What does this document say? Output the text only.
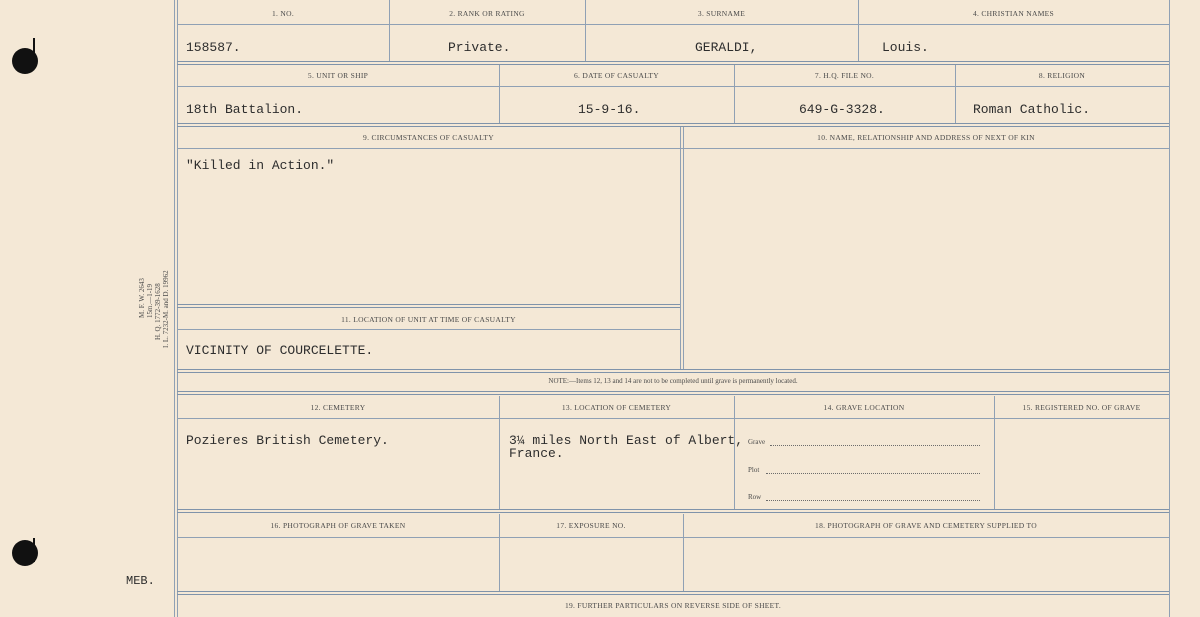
M. F. W. 2643 15m.—1-19 H. Q. 1772-39-1628 I. L. 7232-M. and D. 19962
MEB.
1. NO.	2. RANK OR RATING	3. SURNAME	4. CHRISTIAN NAMES
158587.	Private.	GERALDI,	Louis.
5. UNIT OR SHIP	6. DATE OF CASUALTY	7. H.Q. FILE NO.	8. RELIGION
18th Battalion.	15-9-16.	649-G-3328.	Roman Catholic.
9. CIRCUMSTANCES OF CASUALTY	10. NAME, RELATIONSHIP AND ADDRESS OF NEXT OF KIN
"Killed in Action."
11. LOCATION OF UNIT AT TIME OF CASUALTY
VICINITY OF COURCELETTE.
NOTE:—Items 12, 13 and 14 are not to be completed until grave is permanently located.
12. CEMETERY	13. LOCATION OF CEMETERY	14. GRAVE LOCATION	15. REGISTERED NO. OF GRAVE
Pozieres British Cemetery.	3¼ miles North East of Albert,
France.
Grave
Plot
Row
16. PHOTOGRAPH OF GRAVE TAKEN	17. EXPOSURE NO.	18. PHOTOGRAPH OF GRAVE AND CEMETERY SUPPLIED TO
19. FURTHER PARTICULARS ON REVERSE SIDE OF SHEET.
